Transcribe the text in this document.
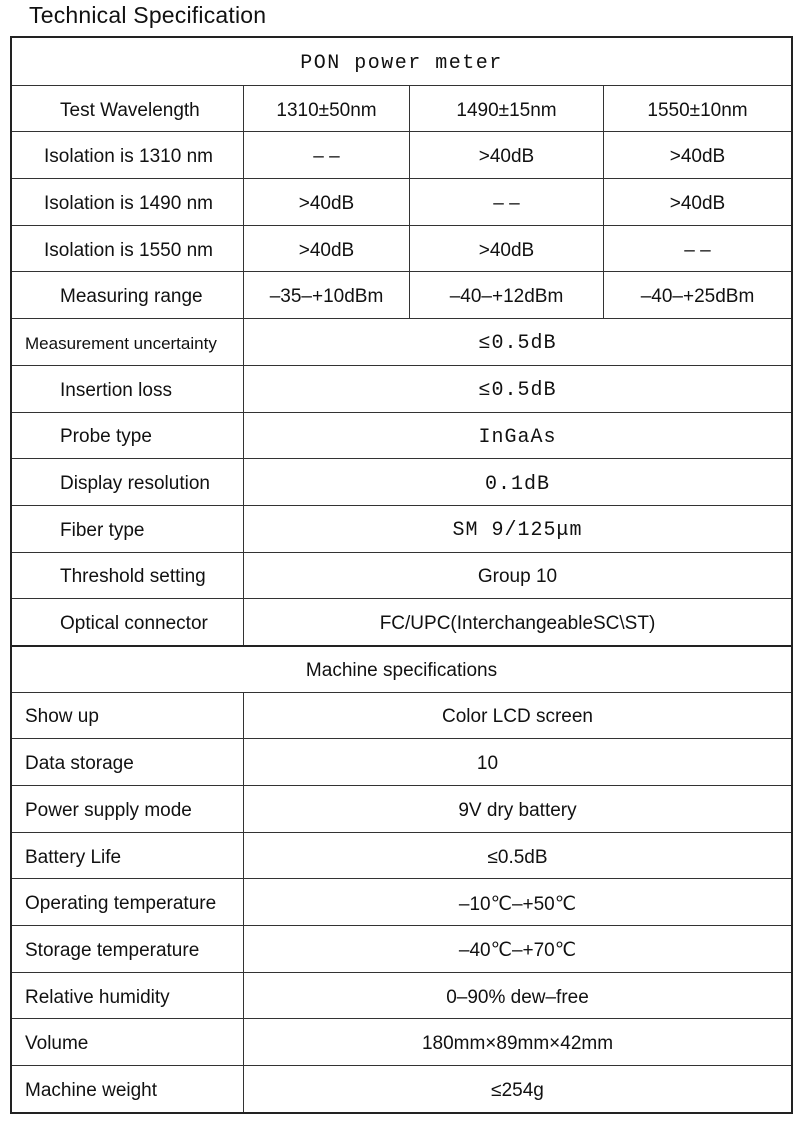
Technical Specification
PON power meter
Test Wavelength	1310±50nm	1490±15nm	1550±10nm
Isolation is 1310 nm	– –	>40dB	>40dB
Isolation is 1490 nm	>40dB	– –	>40dB
Isolation is 1550 nm	>40dB	>40dB	– –
Measuring range	–35–+10dBm	–40–+12dBm	–40–+25dBm
Measurement uncertainty	≤0.5dB
Insertion loss	≤0.5dB
Probe type	InGaAs
Display resolution	0.1dB
Fiber type	SM 9/125μm
Threshold setting	Group 10
Optical connector	FC/UPC(InterchangeableSC\ST)
Machine specifications
Show up	Color LCD screen
Data storage	10
Power supply mode	9V dry battery
Battery Life	≤0.5dB
Operating temperature	–10℃–+50℃
Storage temperature	–40℃–+70℃
Relative humidity	0–90% dew–free
Volume	180mm×89mm×42mm
Machine weight	≤254g
